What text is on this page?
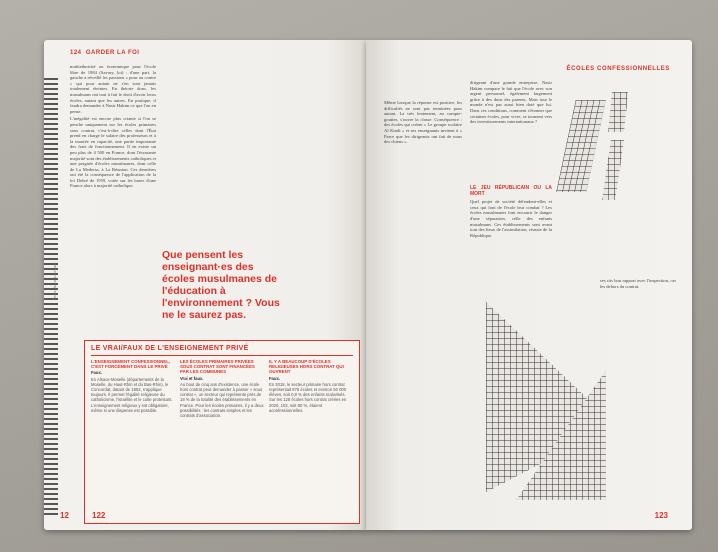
124 GARDER LA FOI

multiethnicité ou économique pour l'école libre de 1984 (Savary, loi) : d'une part, la gauche a réveillé les passions « pour ou contre » qui pour autant ne s'en sont jamais totalement éteintes. En théorie donc, les musulmans ont tout à fait le droit d'avoir leurs écoles, autant que les autres. En pratique, il faudra demander à Nasir Hakim ce que l'on en pense.

L'inégalité est encore plus criante si l'on se penche uniquement sur les écoles primaires sous contrat, c'est-à-dire celles dont l'État prend en charge le salaire des professeurs et à la montée en capacité, une partie importante des frais de fonctionnement. Il en existe un peu plus de 4 500 en France, dont l'écrasante majorité sont des établissements catholiques et une poignée d'écoles musulmanes, dont celle de La Medersa, à La Réunion. Ces dernières ont été la conséquence de l'application de la loi Debré de 1959, votée sur les bases d'une France alors à majorité catholique.

Texte: Anne Lachaud
Que pensent les enseignant·es des écoles musulmanes de l'éducation à l'environnement ? Vous ne le saurez pas.
LE VRAI/FAUX DE L'ENSEIGNEMENT PRIVÉ
L'ENSEIGNEMENT CONFESSIONNEL, C'EST FORCÉMENT DANS LE PRIVÉ
Faux.
En Alsace-Moselle (départements de la Moselle, du Haut-Rhin et du Bas-Rhin), le Concordat, datant de 1802, s'applique toujours. Il permet l'égalité religieuse du catholicisme, l'israélite et le culte protestant. L'enseignement religieux y est obligatoire, même si une dispense est possible.
LES ÉCOLES PRIMAIRES PRIVÉES SOUS CONTRAT SONT FINANCÉES PAR LES COMMUNES
Vrai et faux.
Au bout de cinq ans d'existence, une école hors contrat peut demander à passer « sous contrat », un secteur qui représente près de 18 % de la totalité des établissements en France. Pour les écoles primaires, il y a deux possibilités : les contrats simples et les contrats d'association.
IL Y A BEAUCOUP D'ÉCOLES RELIGIEUSES HORS CONTRAT QUI OUVRENT
Faux.
En 2018, le secteur primaire hors contrat représentait 876 écoles et environ 50 000 élèves, soit 0,8 % des enfants scolarisés. Sur les 128 écoles hors contrat créées en 2020, 103, soit 80 %, étaient aconfessionnelles.
12	122
ÉCOLES CONFESSIONNELLES

Même lorsque la réponse est positive, les difficultés ne sont pas terminées pour autant. La très lentement, au compte-gouttes, s'ouvre la classe. Conséquence : des écoles qui créent « Le groupe scolaire Al Kindi » et ses enseignants invitent à « Parce que les dirigeants ont fait de nous des chiens ».

dirigeant d'une grande entreprise, Nasir Hakim compare le fait que l'école avec son argent personnel, également largement grâce à des dons des parents. Mais tout le monde n'est pas aussi bien doté que lui. Dans ces conditions, comment s'étonner que certaines écoles, pour vivre, se tournent vers des investissements internationaux ?

LE JEU RÉPUBLICAIN OU LA MORT

Quel projet de société défendent-elles et ceux qui font de l'école leur combat ? Les écoles musulmanes font encourir le danger d'une séparation, celle des enfants musulmans. Ces établissements sont avant tout des lieux de l'assimilation, réussie de la République.

ses rits bon rapport avec l'inspection, car les dehors du contrat.

123
